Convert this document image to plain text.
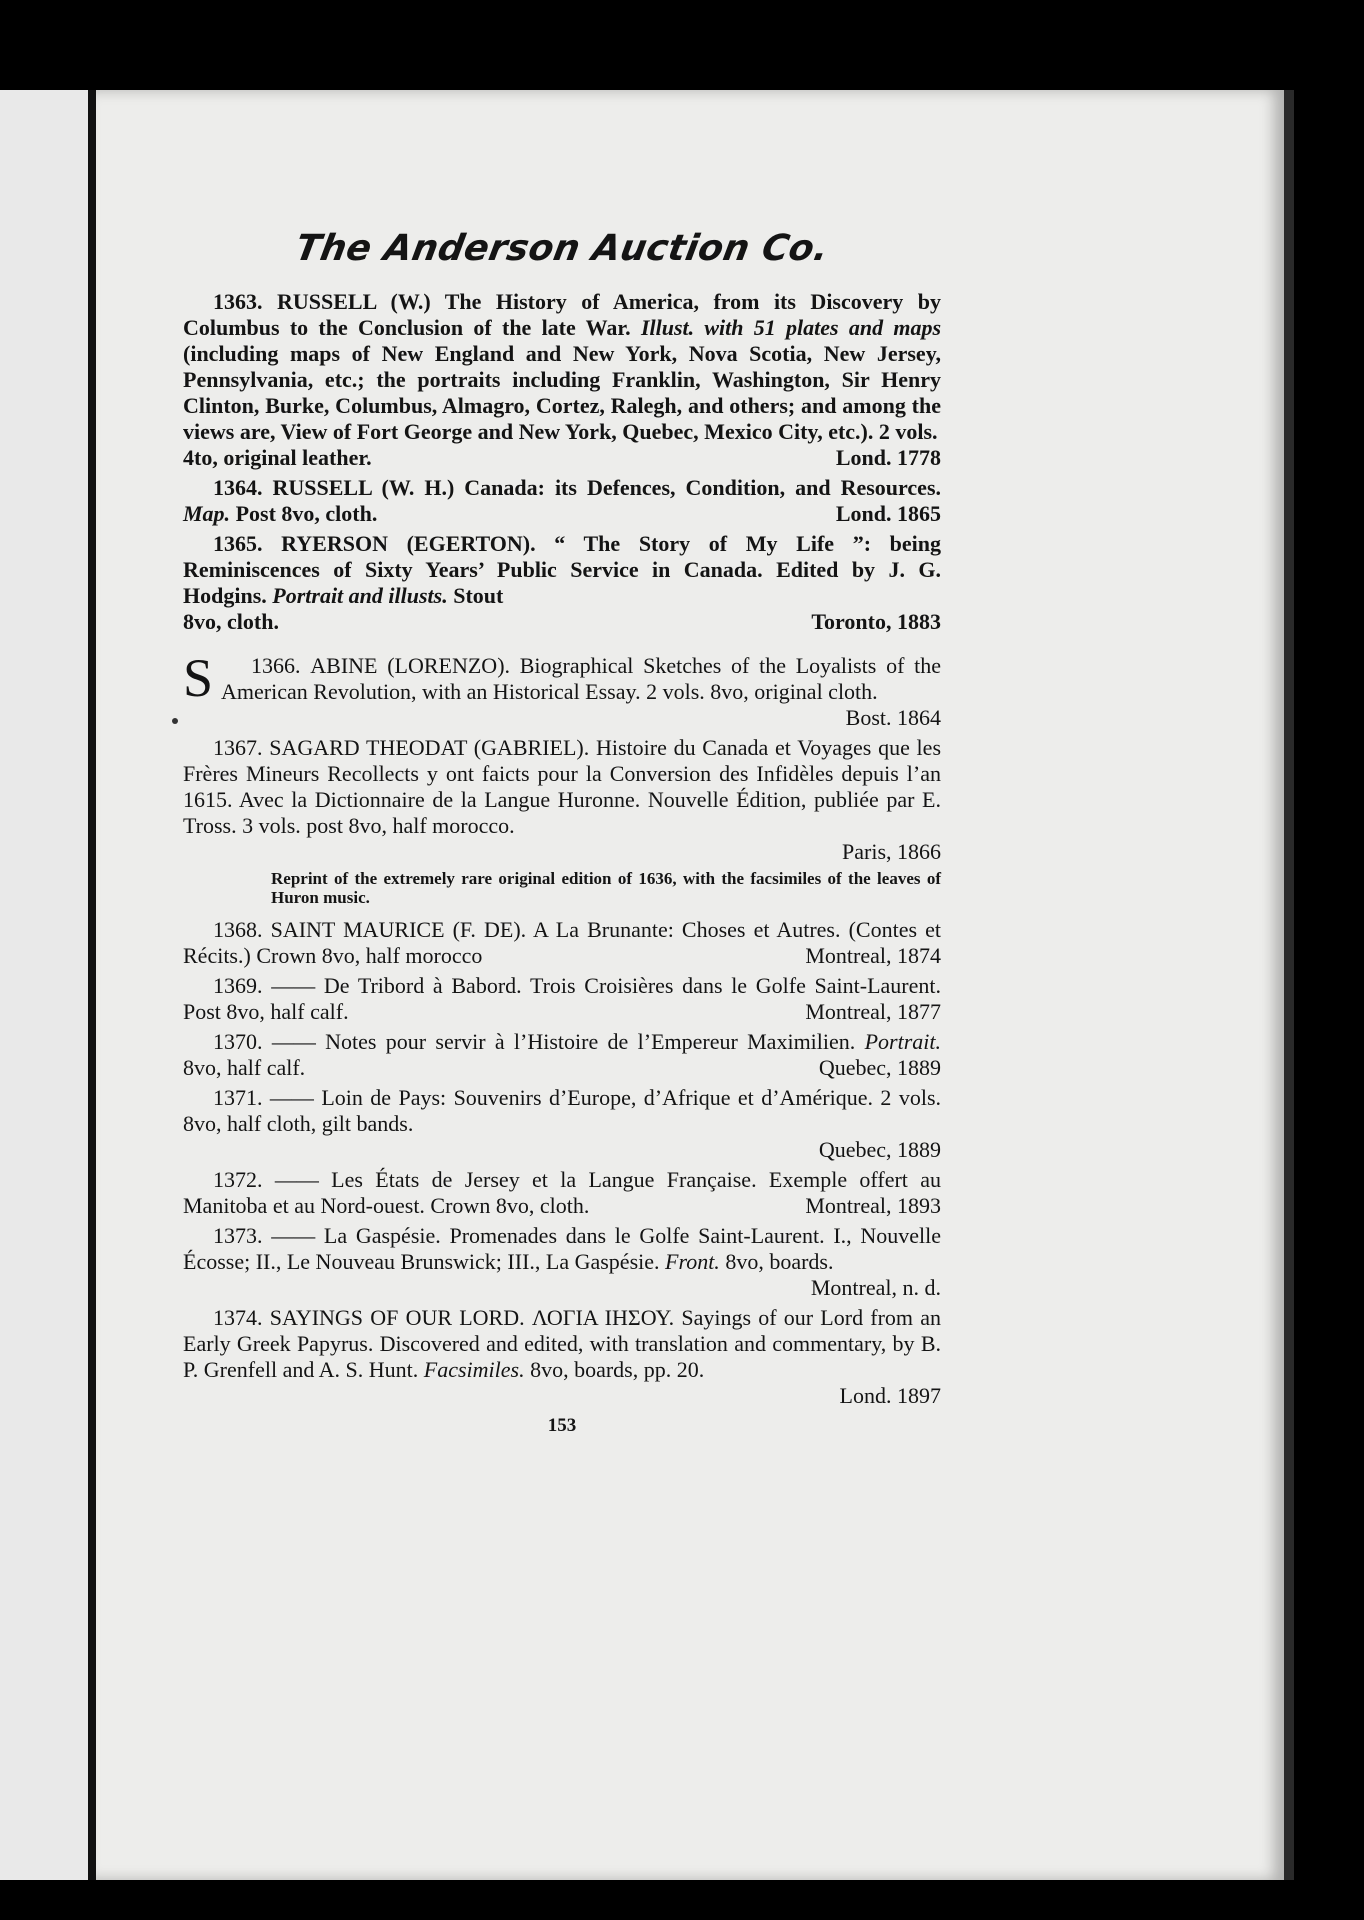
The Anderson Auction Co.
1363. RUSSELL (W.) The History of America, from its Discovery by Columbus to the Conclusion of the late War. Illust. with 51 plates and maps (including maps of New England and New York, Nova Scotia, New Jersey, Pennsylvania, etc.; the portraits including Franklin, Washington, Sir Henry Clinton, Burke, Columbus, Almagro, Cortez, Ralegh, and others; and among the views are, View of Fort George and New York, Quebec, Mexico City, etc.). 2 vols.
4to, original leather.	Lond. 1778
1364. RUSSELL (W. H.) Canada: its Defences, Condition, and Resources. Map. Post 8vo, cloth.	Lond. 1865
1365. RYERSON (EGERTON). “ The Story of My Life ”: being Reminiscences of Sixty Years’ Public Service in Canada. Edited by J. G. Hodgins. Portrait and illusts. Stout
8vo, cloth.	Toronto, 1883
1366.
S	ABINE (LORENZO). Biographical Sketches of the Loyalists of the American Revolution, with an Historical Essay. 2 vols. 8vo, original cloth.
Bost. 1864
1367. SAGARD THEODAT (GABRIEL). Histoire du Canada et Voyages que les Frères Mineurs Recollects y ont faicts pour la Conversion des Infidèles depuis l’an 1615. Avec la Dictionnaire de la Langue Huronne. Nouvelle Édition, publiée par E. Tross. 3 vols. post 8vo, half morocco.
Paris, 1866
Reprint of the extremely rare original edition of 1636, with the facsimiles of the leaves of Huron music.
1368. SAINT MAURICE (F. DE). A La Brunante: Choses et Autres. (Contes et Récits.) Crown 8vo, half morocco	Montreal, 1874
1369. —— De Tribord à Babord. Trois Croisières dans le Golfe Saint-Laurent. Post 8vo, half calf.	Montreal, 1877
1370. —— Notes pour servir à l’Histoire de l’Empereur Maximilien. Portrait. 8vo, half calf.	Quebec, 1889
1371. —— Loin de Pays: Souvenirs d’Europe, d’Afrique et d’Amérique. 2 vols. 8vo, half cloth, gilt bands.
Quebec, 1889
1372. —— Les États de Jersey et la Langue Française. Exemple offert au Manitoba et au Nord-ouest. Crown 8vo, cloth.	Montreal, 1893
1373. —— La Gaspésie. Promenades dans le Golfe Saint-Laurent. I., Nouvelle Écosse; II., Le Nouveau Brunswick; III., La Gaspésie. Front. 8vo, boards.
Montreal, n. d.
1374. SAYINGS OF OUR LORD. ΛΟΓΙΑ ΙΗΣΟΥ. Sayings of our Lord from an Early Greek Papyrus. Discovered and edited, with translation and commentary, by B. P. Grenfell and A. S. Hunt. Facsimiles. 8vo, boards, pp. 20.
Lond. 1897
153
